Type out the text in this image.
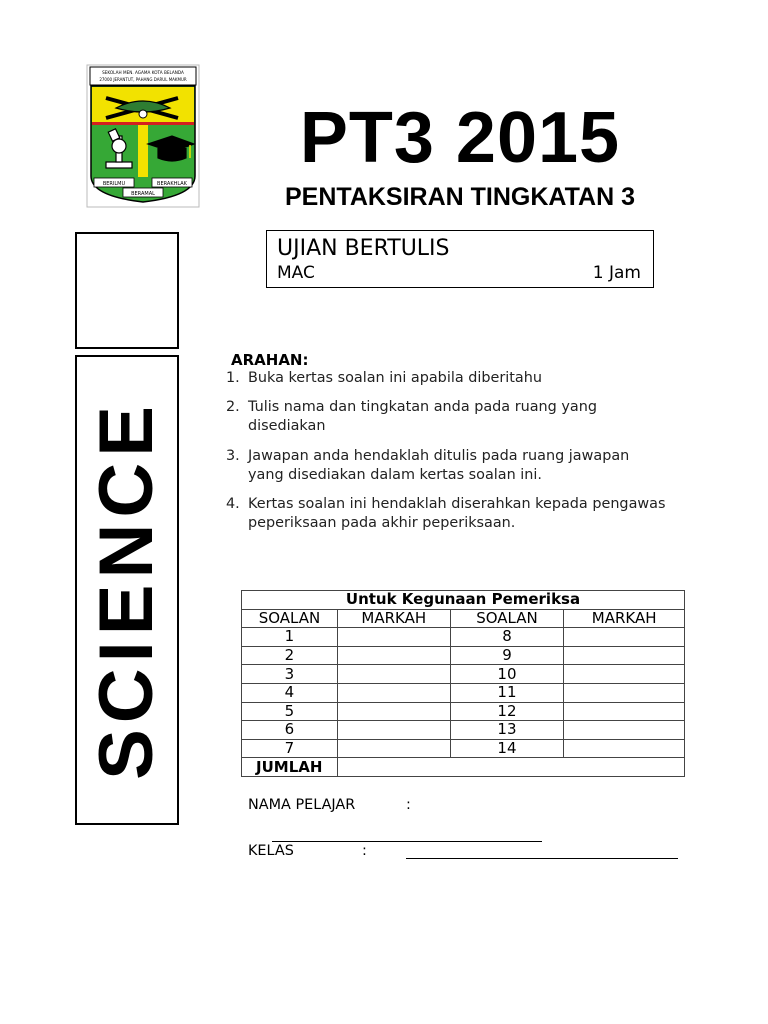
SEKOLAH MEN. AGAMA KOTA BELANDA
27000 JERANTUT, PAHANG DARUL MAKMUR
BERILMU	BERAKHLAK
BERAMAL
PT3 2015
PENTAKSIRAN TINGKATAN 3
UJIAN BERTULIS
MAC	1 Jam
SCIENCE
ARAHAN:
1. Buka kertas soalan ini apabila diberitahu
2. Tulis nama dan tingkatan anda pada ruang yang disediakan
3. Jawapan anda hendaklah ditulis pada ruang jawapan yang disediakan dalam kertas soalan ini.
4. Kertas soalan ini hendaklah diserahkan kepada pengawas peperiksaan pada akhir peperiksaan.
Untuk Kegunaan Pemeriksa			
SOALAN	MARKAH	SOALAN	MARKAH
1		8	
2		9	
3		10	
4		11	
5		12	
6		13	
7		14	
JUMLAH			
NAMA PELAJAR	:
KELAS	:
